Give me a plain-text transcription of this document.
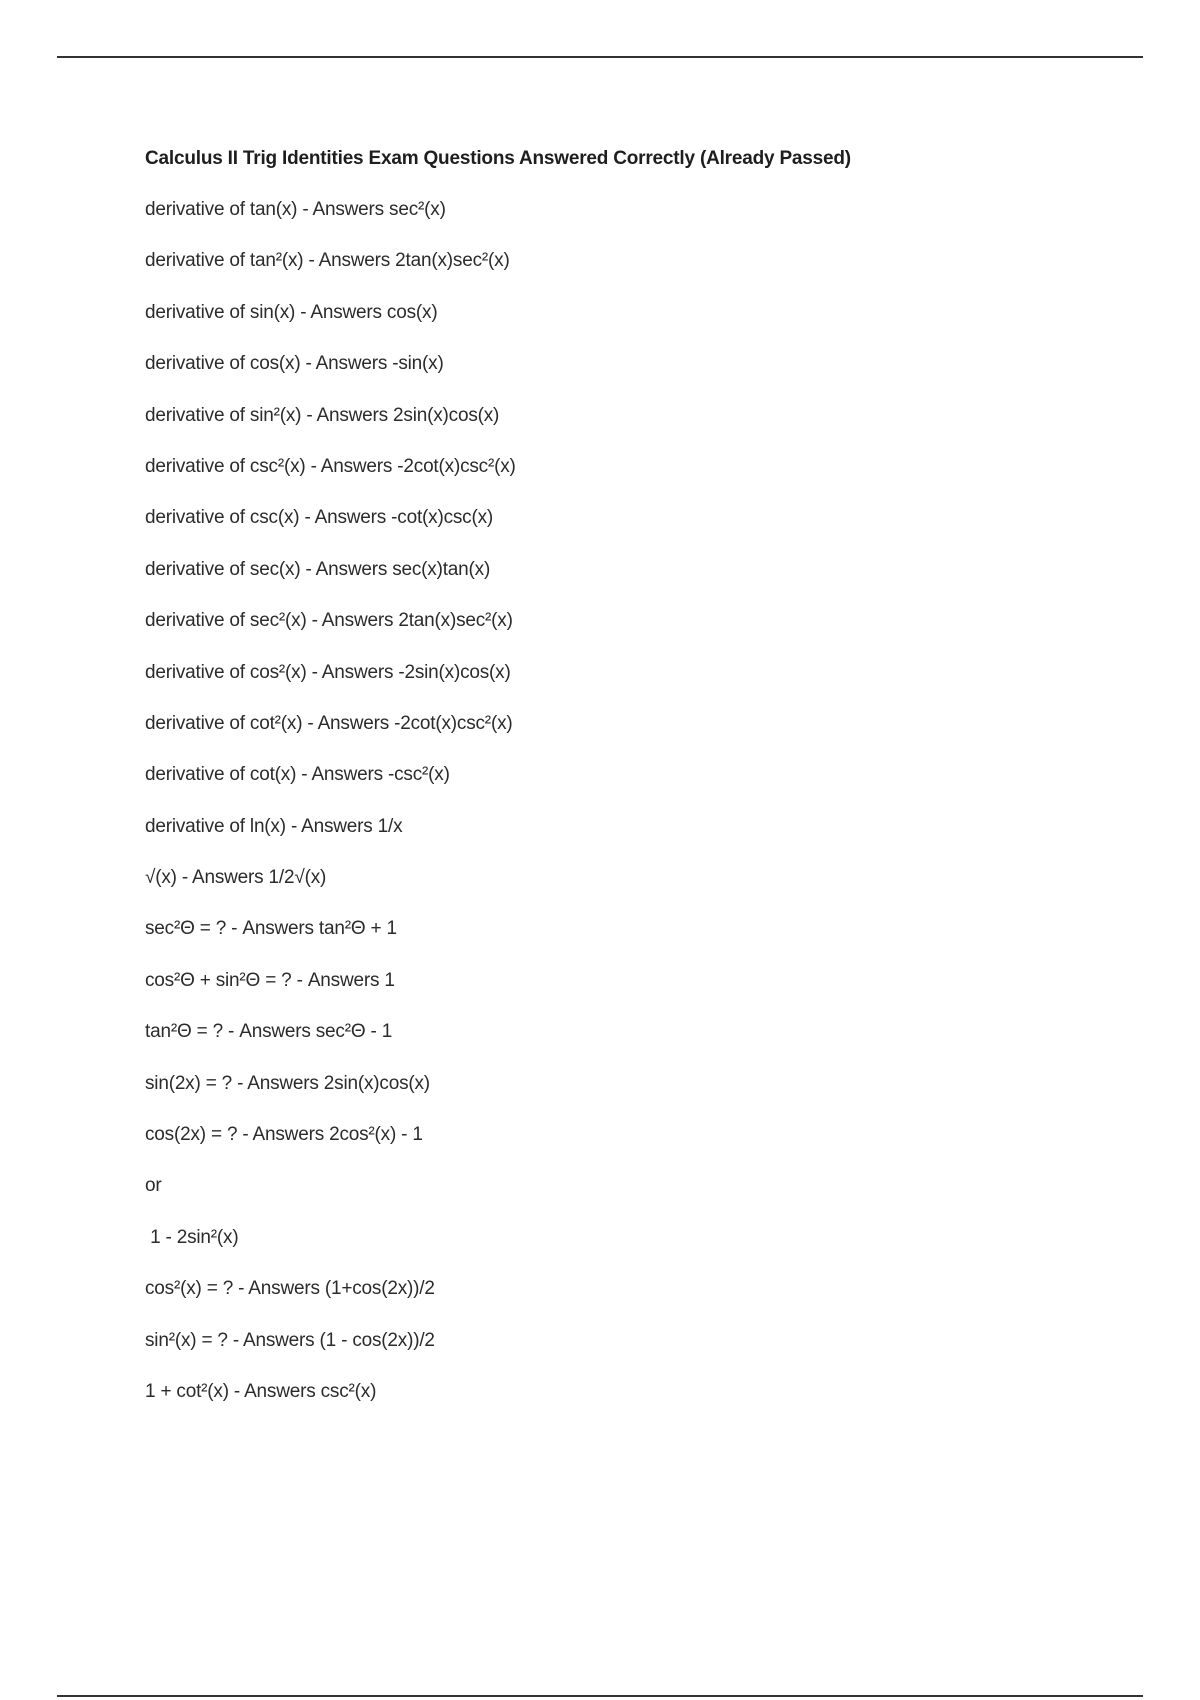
Calculus II Trig Identities Exam Questions Answered Correctly (Already Passed)
derivative of tan(x) - Answers sec²(x)
derivative of tan²(x) - Answers 2tan(x)sec²(x)
derivative of sin(x) - Answers cos(x)
derivative of cos(x) - Answers -sin(x)
derivative of sin²(x) - Answers 2sin(x)cos(x)
derivative of csc²(x) - Answers -2cot(x)csc²(x)
derivative of csc(x) - Answers -cot(x)csc(x)
derivative of sec(x) - Answers sec(x)tan(x)
derivative of sec²(x) - Answers 2tan(x)sec²(x)
derivative of cos²(x) - Answers -2sin(x)cos(x)
derivative of cot²(x) - Answers -2cot(x)csc²(x)
derivative of cot(x) - Answers -csc²(x)
derivative of ln(x) - Answers 1/x
√(x) - Answers 1/2√(x)
sec²Θ = ? - Answers tan²Θ + 1
cos²Θ + sin²Θ = ? - Answers 1
tan²Θ = ? - Answers sec²Θ - 1
sin(2x) = ? - Answers 2sin(x)cos(x)
cos(2x) = ? - Answers 2cos²(x) - 1
or
1 - 2sin²(x)
cos²(x) = ? - Answers (1+cos(2x))/2
sin²(x) = ? - Answers (1 - cos(2x))/2
1 + cot²(x) - Answers csc²(x)
